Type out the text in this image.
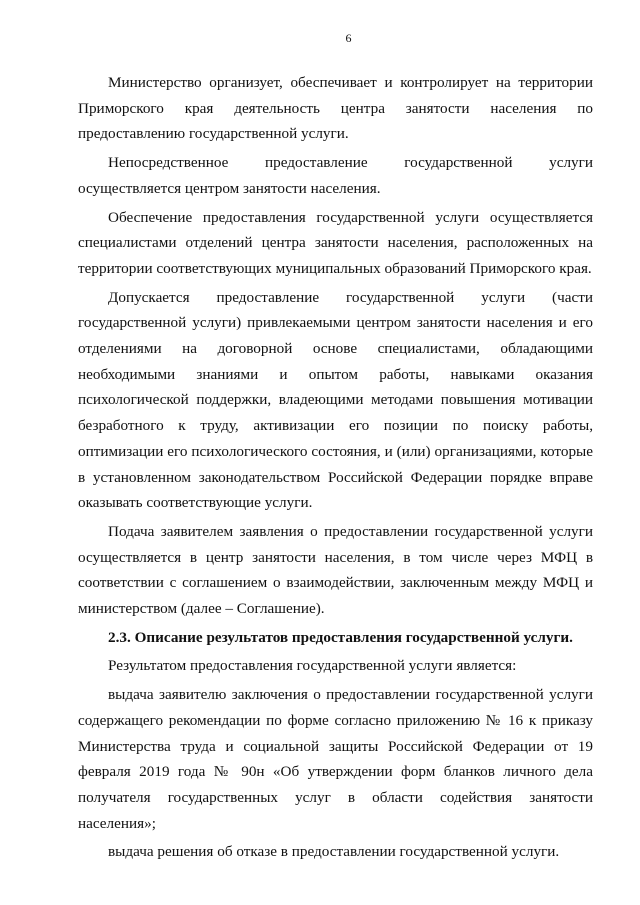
6

Министерство организует, обеспечивает и контролирует на территории Приморского края деятельность центра занятости населения по предоставлению государственной услуги.

Непосредственное предоставление государственной услуги осуществляется центром занятости населения.

Обеспечение предоставления государственной услуги осуществляется специалистами отделений центра занятости населения, расположенных на территории соответствующих муниципальных образований Приморского края.

Допускается предоставление государственной услуги (части государственной услуги) привлекаемыми центром занятости населения и его отделениями на договорной основе специалистами, обладающими необходимыми знаниями и опытом работы, навыками оказания психологической поддержки, владеющими методами повышения мотивации безработного к труду, активизации его позиции по поиску работы, оптимизации его психологического состояния, и (или) организациями, которые в установленном законодательством Российской Федерации порядке вправе оказывать соответствующие услуги.

Подача заявителем заявления о предоставлении государственной услуги осуществляется в центр занятости населения, в том числе через МФЦ в соответствии с соглашением о взаимодействии, заключенным между МФЦ и министерством (далее – Соглашение).

2.3. Описание результатов предоставления государственной услуги.

Результатом предоставления государственной услуги является:

выдача заявителю заключения о предоставлении государственной услуги содержащего рекомендации по форме согласно приложению № 16 к приказу Министерства труда и социальной защиты Российской Федерации от 19 февраля 2019 года № 90н «Об утверждении форм бланков личного дела получателя государственных услуг в области содействия занятости населения»;

выдача решения об отказе в предоставлении государственной услуги.
